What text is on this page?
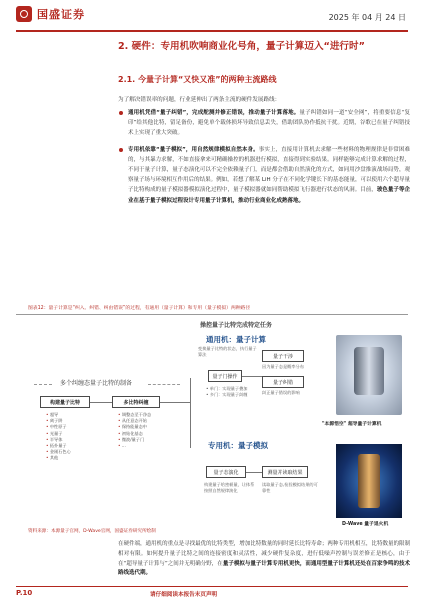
国盛证券	2025 年 04 月 24 日
2. 硬件：专用机吹响商业化号角，量子计算迈入“进行时”
2.1. 今量子计算“又快又准”的两种主流路线
为了解决错误率的问题，行业延伸出了两条主流的硬件发展路线：
通用机凭借“量子纠错”，完成舵测并修正错误，推动量子计算落地。量子纠错如同一道“安全网”，将重要信息“复印”给其他比特，留足备份，避免单个载体损坏导致信息丢失，借助团队协作抵抗干扰。近期，谷歌已在量子纠错技术上实现了重大突破。
专用机依靠“量子模拟”，用自然规律模拟自然本身。事实上，直接用计算机去求解一些材料的物理规律是非常困难的，与其暴力求解，不如直接拿来可精确操控的机器进行模拟，直接得到实验结果。同样能够完成计算求解的过程，不同于量子计算，量子态演化可以不完全依赖量子门，而是都会借助自然演化的方式，如同用沙盘推演战场局势，观察量子场与环境相互作用后的结果。例如，若想了解某 LiH 分子在不同化学键长下的基态能量，可以使用六个超导量子比特构成的量子模拟器模拟演化过程中，量子模拟器就如同帮助模拟飞行器进行状态的风洞。目前，玻色量子等企业在基于量子模拟过程设计专用量子计算机，推动行业商业化成熟落地。
图表12：量子计算是“纠入、纠错、纠由错误”的过程，有通用（量子计算）和专用（量子模拟）两种路径
操控量子比特完成特定任务
通用机：量子计算
变换量子比特的状态，执行量子算法
量子门操作
• 单门：实现量子叠加
• 多门：实现量子纠缠
量子干涉
因为量子态是概率分布
量子纠错
纠正量子错误的影响
"本源悟空" 超导量子计算机
多个纠缠态量子比特的制备
构建量子比特
• 超导
• 离子阱
• 中性原子
• 光量子
• 半导体
• 拓扑量子
• 金刚石色心
• 其他
多比特纠缠
• 调整态至干净态
• 从任意态开始
• 保持能量态中
• 初始化基态
• 微波/量子门
• ...	专用机：量子模拟
量子态演化	测量并读取结果
构建量子哈密顿量，让体系按照自然规律演化
读取量子态,检验模拟结果的可靠性
D-Wave 量子退火机
资料来源：本源量子官网，D-Wave官网，国盛证券研究所绘制
在硬件端，通用机的重点是寻找最优的比特类型，增加比特数量的同时延长比特寿命；两种专用机相互，比特数量的限制相对有限。如何提升量子比特之间的连接密度和灵活性，减少硬件复杂度，进行低噪声控制与误差修正是核心，由于在“超导量子计算与”之间并无明确分野，在量子模拟与量子计算专用机更快，而通用型量子计算机还处在百家争鸣的技术路线选代期。
P.10	请仔细阅读本报告末页声明
